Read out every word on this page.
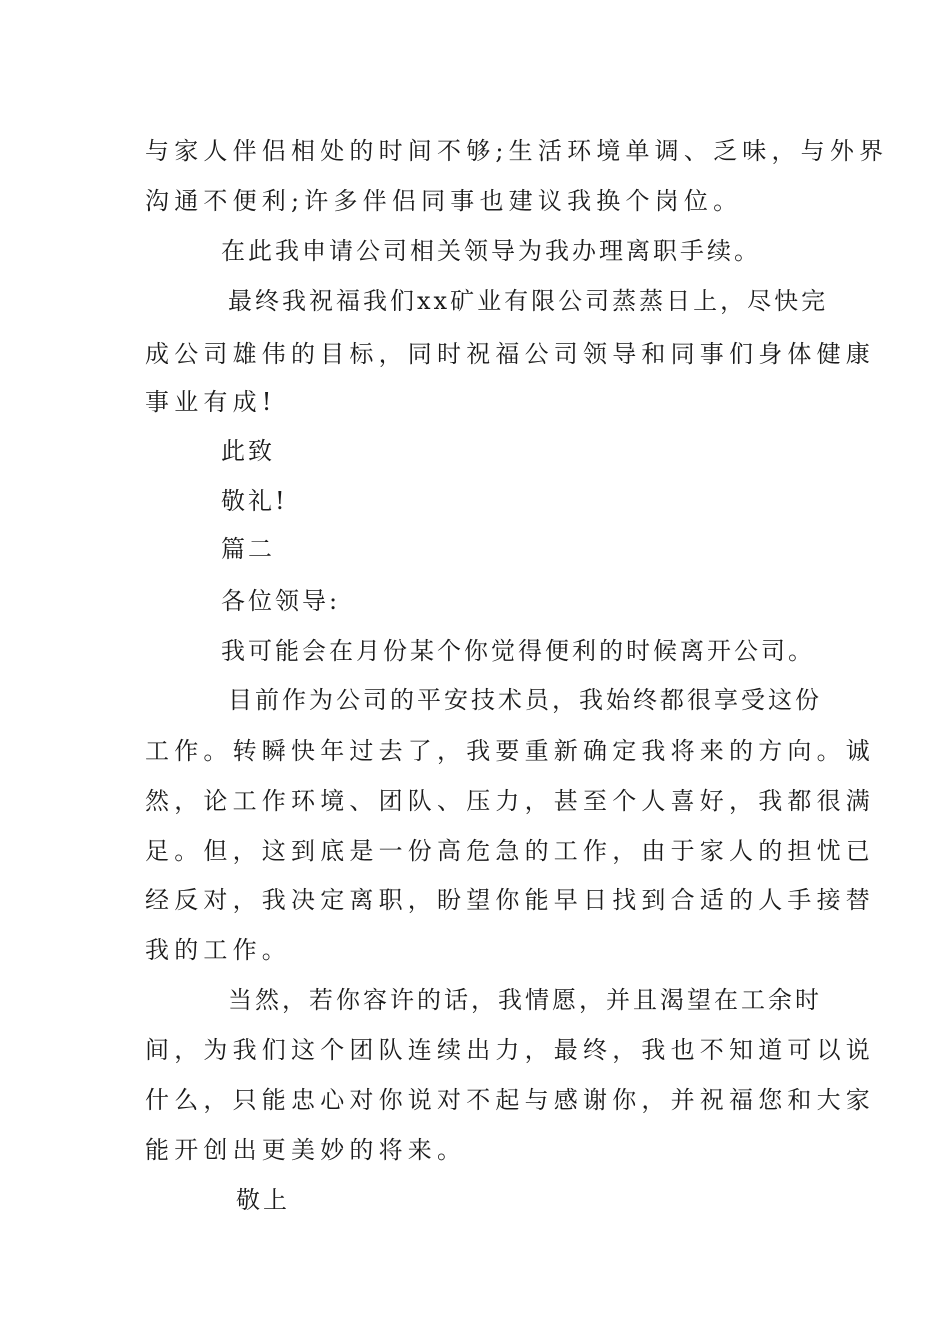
与家人伴侣相处的时间不够;生活环境单调、乏味，与外界
沟通不便利;许多伴侣同事也建议我换个岗位。
在此我申请公司相关领导为我办理离职手续。
最终我祝福我们xx矿业有限公司蒸蒸日上，尽快完
成公司雄伟的目标，同时祝福公司领导和同事们身体健康
事业有成!
此致
敬礼!
篇二
各位领导:
我可能会在月份某个你觉得便利的时候离开公司。
目前作为公司的平安技术员，我始终都很享受这份
工作。转瞬快年过去了，我要重新确定我将来的方向。诚
然，论工作环境、团队、压力，甚至个人喜好，我都很满
足。但，这到底是一份高危急的工作，由于家人的担忧已
经反对，我决定离职，盼望你能早日找到合适的人手接替
我的工作。
当然，若你容许的话，我情愿，并且渴望在工余时
间，为我们这个团队连续出力，最终，我也不知道可以说
什么，只能忠心对你说对不起与感谢你，并祝福您和大家
能开创出更美妙的将来。
敬上
